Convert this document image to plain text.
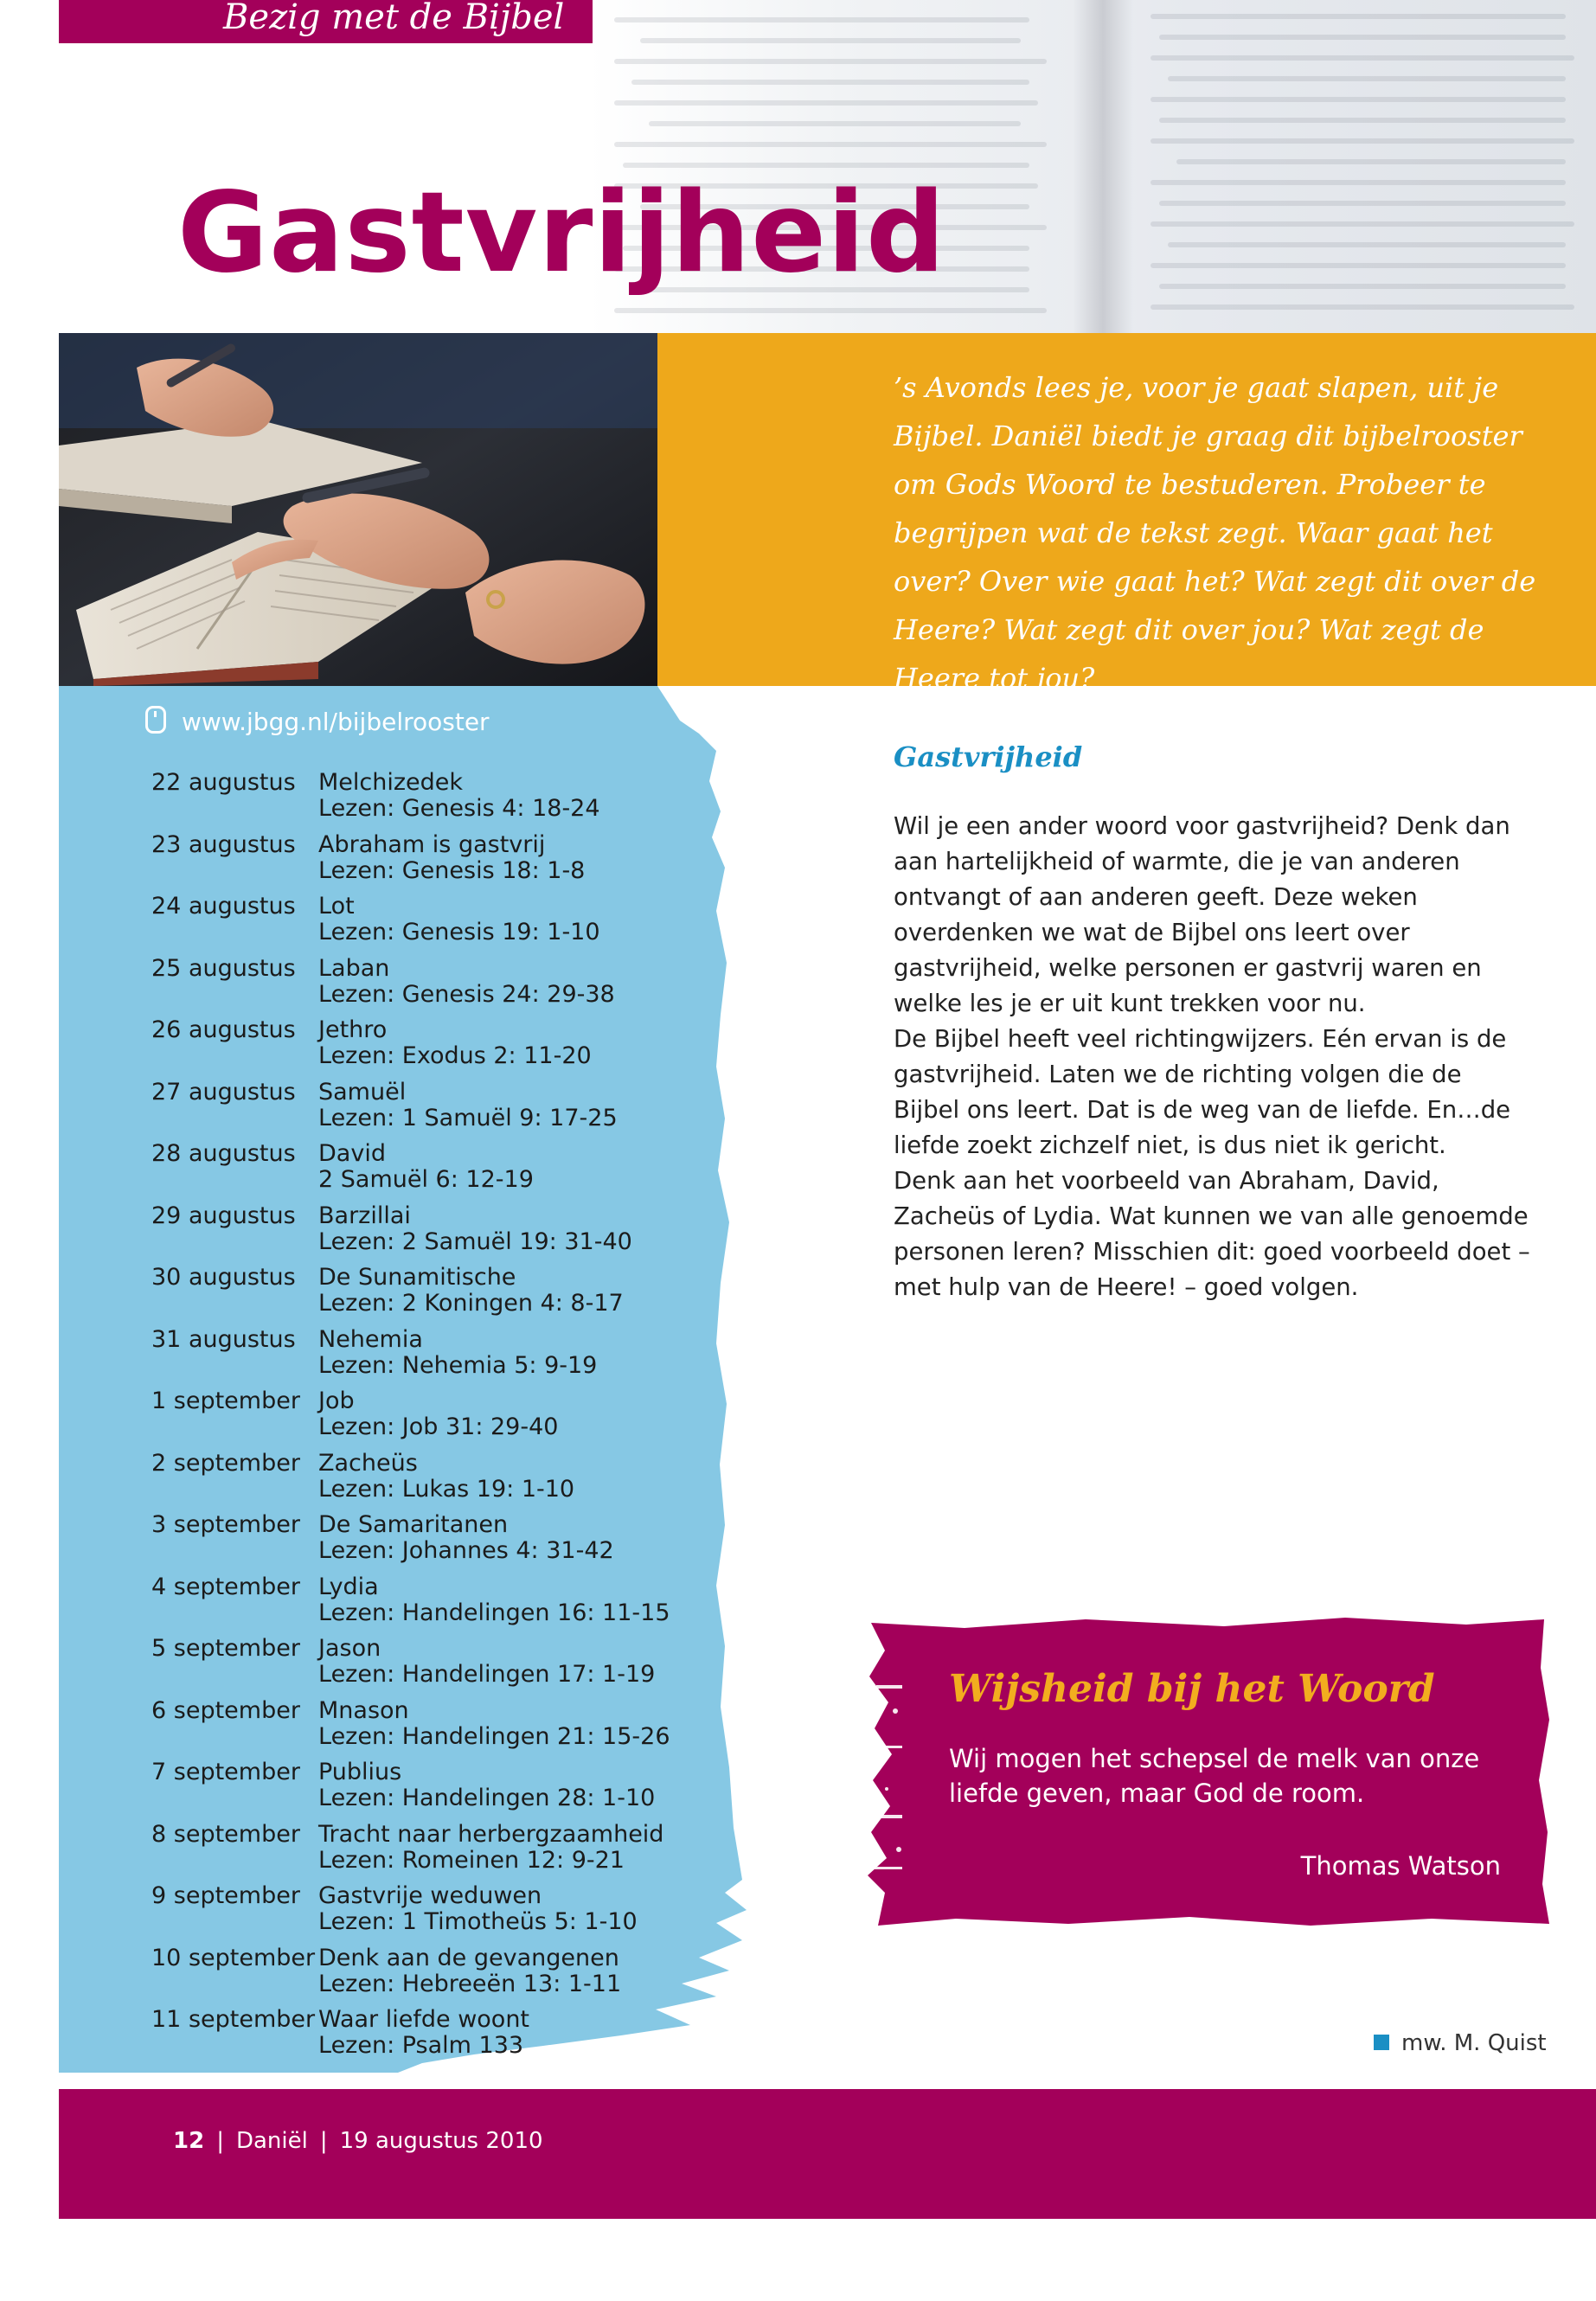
Bezig met de Bijbel
Gastvrijheid
’s Avonds lees je, voor je gaat slapen, uit je Bijbel. Daniël biedt je graag dit bijbelrooster om Gods Woord te bestuderen. Probeer te begrijpen wat de tekst zegt. Waar gaat het over? Over wie gaat het? Wat zegt dit over de Heere? Wat zegt dit over jou? Wat zegt de Heere tot jou?
www.jbgg.nl/bijbelrooster
22 augustus Melchizedek
Lezen: Genesis 4: 18-24
23 augustus Abraham is gastvrij
Lezen: Genesis 18: 1-8
24 augustus Lot
Lezen: Genesis 19: 1-10
25 augustus Laban
Lezen: Genesis 24: 29-38
26 augustus Jethro
Lezen: Exodus 2: 11-20
27 augustus Samuël
Lezen: 1 Samuël 9: 17-25
28 augustus David
2 Samuël 6: 12-19
29 augustus Barzillai
Lezen: 2 Samuël 19: 31-40
30 augustus De Sunamitische
Lezen: 2 Koningen 4: 8-17
31 augustus Nehemia
Lezen: Nehemia 5: 9-19
1 september Job
Lezen: Job 31: 29-40
2 september Zacheüs
Lezen: Lukas 19: 1-10
3 september De Samaritanen
Lezen: Johannes 4: 31-42
4 september Lydia
Lezen: Handelingen 16: 11-15
5 september Jason
Lezen: Handelingen 17: 1-19
6 september Mnason
Lezen: Handelingen 21: 15-26
7 september Publius
Lezen: Handelingen 28: 1-10
8 september Tracht naar herbergzaamheid
Lezen: Romeinen 12: 9-21
9 september Gastvrije weduwen
Lezen: 1 Timotheüs 5: 1-10
10 september Denk aan de gevangenen
Lezen: Hebreeën 13: 1-11
11 september Waar liefde woont
Lezen: Psalm 133
Gastvrijheid

Wil je een ander woord voor gastvrijheid? Denk dan aan hartelijkheid of warmte, die je van anderen ontvangt of aan anderen geeft. Deze weken overdenken we wat de Bijbel ons leert over gastvrijheid, welke personen er gastvrij waren en welke les je er uit kunt trekken voor nu.

De Bijbel heeft veel richtingwijzers. Eén ervan is de gastvrijheid. Laten we de richting volgen die de Bijbel ons leert. Dat is de weg van de liefde. En…de liefde zoekt zichzelf niet, is dus niet ik gericht.

Denk aan het voorbeeld van Abraham, David, Zacheüs of Lydia. Wat kunnen we van alle genoemde personen leren? Misschien dit: goed voorbeeld doet – met hulp van de Heere! – goed volgen.

Wijsheid bij het Woord
Wij mogen het schepsel de melk van onze liefde geven, maar God de room.
Thomas Watson
mw. M. Quist
12 | Daniël | 19 augustus 2010
